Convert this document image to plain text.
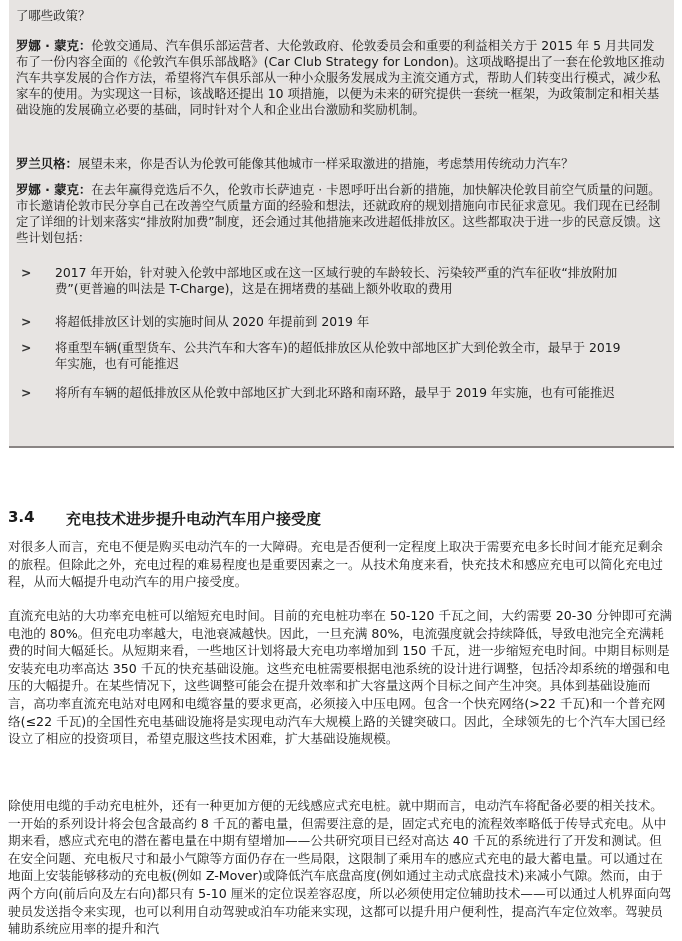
了哪些政策？

罗娜 · 蒙克：伦敦交通局、汽车俱乐部运营者、大伦敦政府、伦敦委员会和重要的利益相关方于 2015 年 5 月共同发布了一份内容全面的《伦敦汽车俱乐部战略》(Car Club Strategy for London)。这项战略提出了一套在伦敦地区推动汽车共享发展的合作方法，希望将汽车俱乐部从一种小众服务发展成为主流交通方式，帮助人们转变出行模式，减少私家车的使用。为实现这一目标，该战略还提出 10 项措施，以便为未来的研究提供一套统一框架，为政策制定和相关基础设施的发展确立必要的基础，同时针对个人和企业出台激励和奖励机制。

罗兰贝格：展望未来，你是否认为伦敦可能像其他城市一样采取激进的措施，考虑禁用传统动力汽车？

罗娜 · 蒙克：在去年赢得竞选后不久，伦敦市长萨迪克 · 卡恩呼吁出台新的措施，加快解决伦敦目前空气质量的问题。市长邀请伦敦市民分享自己在改善空气质量方面的经验和想法，还就政府的规划措施向市民征求意见。我们现在已经制定了详细的计划来落实“排放附加费”制度，还会通过其他措施来改进超低排放区。这些都取决于进一步的民意反馈。这些计划包括：

> 2017 年开始，针对驶入伦敦中部地区或在这一区域行驶的车龄较长、污染较严重的汽车征收“排放附加费”(更普遍的叫法是 T-Charge)，这是在拥堵费的基础上额外收取的费用
> 将超低排放区计划的实施时间从 2020 年提前到 2019 年
> 将重型车辆(重型货车、公共汽车和大客车)的超低排放区从伦敦中部地区扩大到伦敦全市，最早于 2019 年实施，也有可能推迟
> 将所有车辆的超低排放区从伦敦中部地区扩大到北环路和南环路，最早于 2019 年实施，也有可能推迟
3.4 充电技术进步提升电动汽车用户接受度

对很多人而言，充电不便是购买电动汽车的一大障碍。充电是否便利一定程度上取决于需要充电多长时间才能充足剩余的旅程。但除此之外，充电过程的难易程度也是重要因素之一。从技术角度来看，快充技术和感应充电可以简化充电过程，从而大幅提升电动汽车的用户接受度。

直流充电站的大功率充电桩可以缩短充电时间。目前的充电桩功率在 50-120 千瓦之间，大约需要 20-30 分钟即可充满电池的 80%。但充电功率越大，电池衰减越快。因此，一旦充满 80%，电流强度就会持续降低，导致电池完全充满耗费的时间大幅延长。从短期来看，一些地区计划将最大充电功率增加到 150 千瓦，进一步缩短充电时间。中期目标则是安装充电功率高达 350 千瓦的快充基础设施。这些充电桩需要根据电池系统的设计进行调整，包括冷却系统的增强和电压的大幅提升。在某些情况下，这些调整可能会在提升效率和扩大容量这两个目标之间产生冲突。具体到基础设施而言，高功率直流充电站对电网和电缆容量的要求更高，必须接入中压电网。包含一个快充网络(>22 千瓦)和一个普充网络(≤22 千瓦)的全国性充电基础设施将是实现电动汽车大规模上路的关键突破口。因此，全球领先的七个汽车大国已经设立了相应的投资项目，希望克服这些技术困难，扩大基础设施规模。

除使用电缆的手动充电桩外，还有一种更加方便的无线感应式充电桩。就中期而言，电动汽车将配备必要的相关技术。一开始的系列设计将会包含最高约 8 千瓦的蓄电量，但需要注意的是，固定式充电的流程效率略低于传导式充电。从中期来看，感应式充电的潜在蓄电量在中期有望增加——公共研究项目已经对高达 40 千瓦的系统进行了开发和测试。但在安全问题、充电板尺寸和最小气隙等方面仍存在一些局限，这限制了乘用车的感应式充电的最大蓄电量。可以通过在地面上安装能够移动的充电板(例如 Z-Mover)或降低汽车底盘高度(例如通过主动式底盘技术)来减小气隙。然而，由于两个方向(前后向及左右向)都只有 5-10 厘米的定位误差容忍度，所以必须使用定位辅助技术——可以通过人机界面向驾驶员发送指令来实现，也可以利用自动驾驶或泊车功能来实现，这都可以提升用户便利性，提高汽车定位效率。驾驶员辅助系统应用率的提升和汽
